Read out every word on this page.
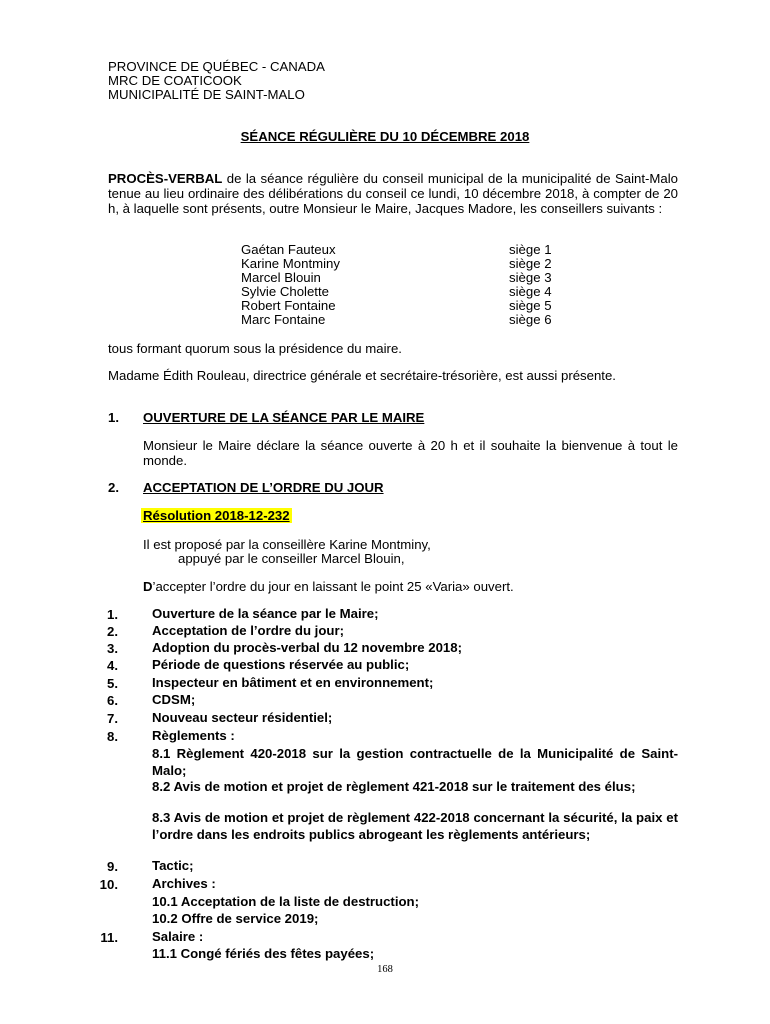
PROVINCE DE QUÉBEC - CANADA
MRC DE COATICOOK
MUNICIPALITÉ DE SAINT-MALO
SÉANCE RÉGULIÈRE DU 10 DÉCEMBRE 2018
PROCÈS-VERBAL de la séance régulière du conseil municipal de la municipalité de Saint-Malo tenue au lieu ordinaire des délibérations du conseil ce lundi, 10 décembre 2018, à compter de 20 h, à laquelle sont présents, outre Monsieur le Maire, Jacques Madore, les conseillers suivants :
Gaétan Fauteux	siège 1
Karine Montminy	siège 2
Marcel Blouin	siège 3
Sylvie Cholette	siège 4
Robert Fontaine	siège 5
Marc Fontaine	siège 6
tous formant quorum sous la présidence du maire.
Madame Édith Rouleau, directrice générale et secrétaire-trésorière, est aussi présente.
1. OUVERTURE DE LA SÉANCE PAR LE MAIRE
Monsieur le Maire déclare la séance ouverte à 20 h et il souhaite la bienvenue à tout le monde.
2. ACCEPTATION DE L’ORDRE DU JOUR
Résolution 2018-12-232
Il est proposé par la conseillère Karine Montminy,
appuyé par le conseiller Marcel Blouin,
D’accepter l’ordre du jour en laissant le point 25 «Varia» ouvert.
1.	Ouverture de la séance par le Maire;
2.	Acceptation de l’ordre du jour;
3.	Adoption du procès-verbal du 12 novembre 2018;
4.	Période de questions réservée au public;
5.	Inspecteur en bâtiment et en environnement;
6.	CDSM;
7.	Nouveau secteur résidentiel;
8.	Règlements :
8.1 Règlement 420-2018 sur la gestion contractuelle de la Municipalité de Saint-Malo;
8.2 Avis de motion et projet de règlement 421-2018 sur le traitement des élus;
8.3 Avis de motion et projet de règlement 422-2018 concernant la sécurité, la paix et l’ordre dans les endroits publics abrogeant les règlements antérieurs;
9.	Tactic;
10.	Archives :
10.1 Acceptation de la liste de destruction;
10.2 Offre de service 2019;
11.	Salaire :
11.1 Congé fériés des fêtes payées;
168
